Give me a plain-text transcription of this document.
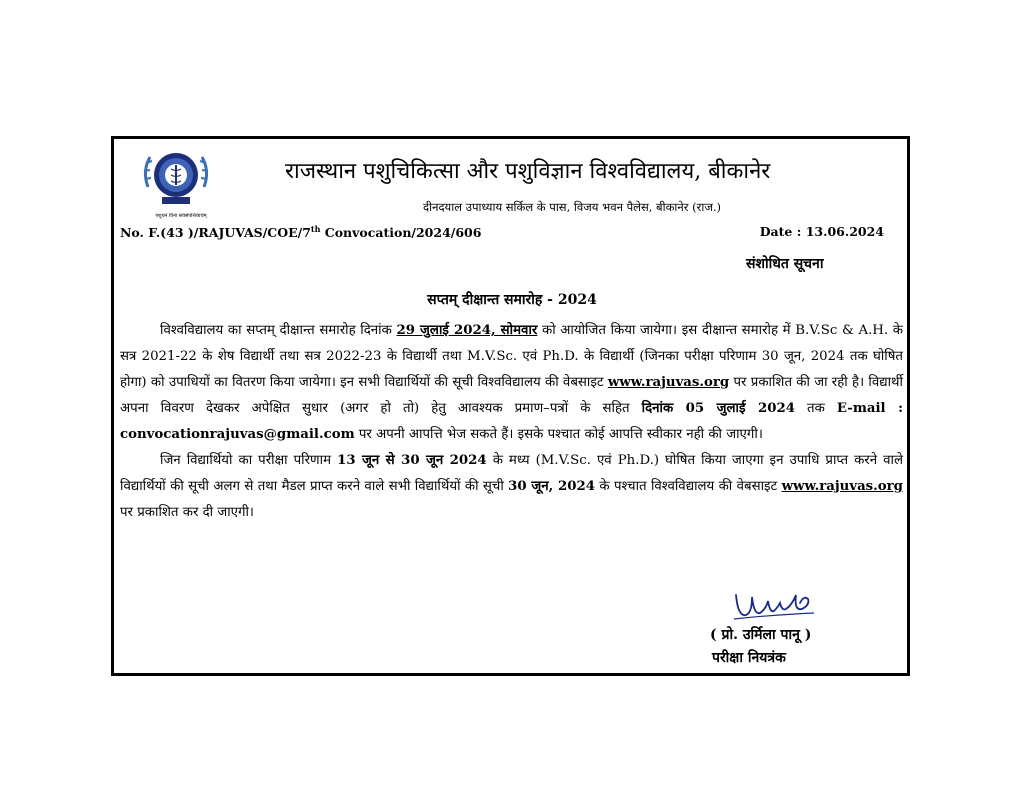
पशुधनं विना सर्वसंपत्तिव्यर्थम्
राजस्थान पशुचिकित्सा और पशुविज्ञान विश्वविद्यालय, बीकानेर
दीनदयाल उपाध्याय सर्किल के पास, विजय भवन पैलेस, बीकानेर (राज.)
No. F.(43 )/RAJUVAS/COE/7th Convocation/2024/606	Date : 13.06.2024
संशोधित सूचना
सप्तम् दीक्षान्त समारोह - 2024

विश्वविद्यालय का सप्तम् दीक्षान्त समारोह दिनांक 29 जुलाई 2024, सोमवार को आयोजित किया जायेगा। इस दीक्षान्त समारोह में B.V.Sc & A.H. के सत्र 2021-22 के शेष विद्यार्थी तथा सत्र 2022-23 के विद्यार्थी तथा M.V.Sc. एवं Ph.D. के विद्यार्थी (जिनका परीक्षा परिणाम 30 जून, 2024 तक घोषित होगा) को उपाधियों का वितरण किया जायेगा। इन सभी विद्यार्थियों की सूची विश्वविद्यालय की वेबसाइट www.rajuvas.org पर प्रकाशित की जा रही है। विद्यार्थी अपना विवरण देखकर अपेक्षित सुधार (अगर हो तो) हेतु आवश्यक प्रमाण–पत्रों के सहित दिनांक 05 जुलाई 2024 तक E-mail : convocationrajuvas@gmail.com पर अपनी आपत्ति भेज सकते हैं। इसके पश्चात कोई आपत्ति स्वीकार नही की जाएगी।

जिन विद्यार्थियो का परीक्षा परिणाम 13 जून से 30 जून 2024 के मध्य (M.V.Sc. एवं Ph.D.) घोषित किया जाएगा इन उपाधि प्राप्त करने वाले विद्यार्थियों की सूची अलग से तथा मैडल प्राप्त करने वाले सभी विद्यार्थियों की सूची 30 जून, 2024 के पश्चात विश्वविद्यालय की वेबसाइट www.rajuvas.org पर प्रकाशित कर दी जाएगी।

( प्रो. उर्मिला पानू )
परीक्षा नियत्रंक
